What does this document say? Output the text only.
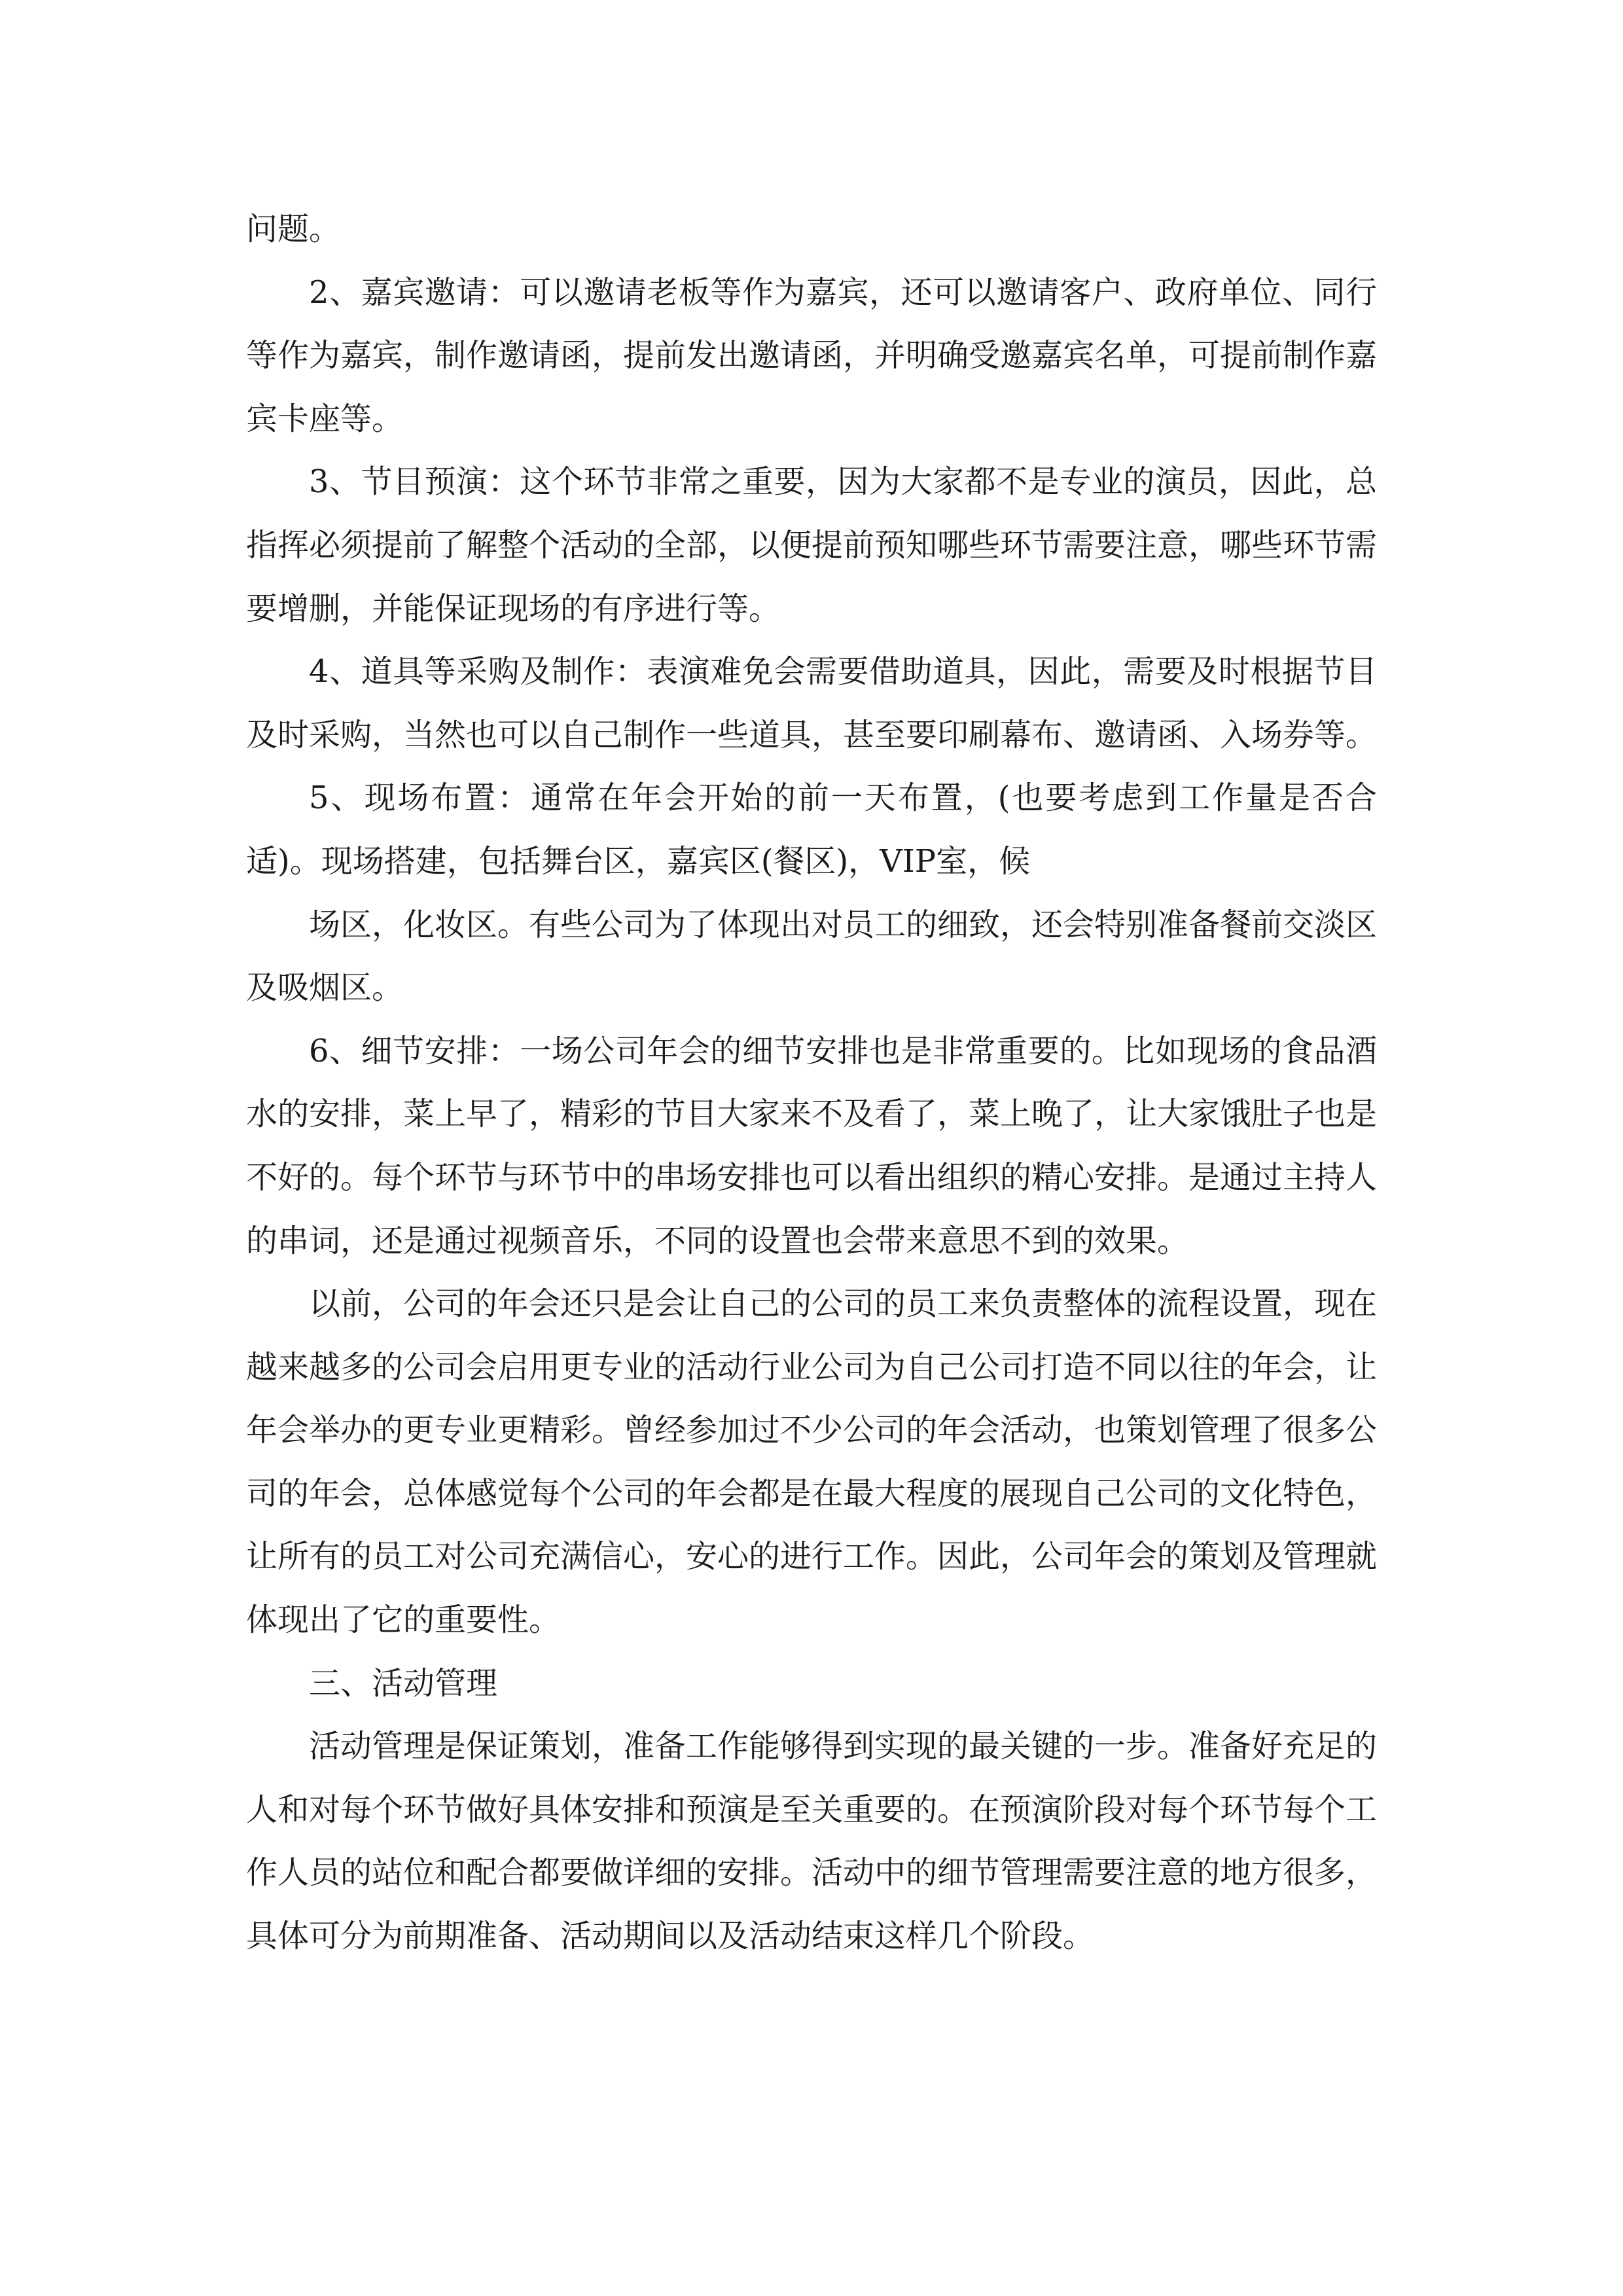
问题。

2、嘉宾邀请：可以邀请老板等作为嘉宾，还可以邀请客户、政府单位、同行等作为嘉宾，制作邀请函，提前发出邀请函，并明确受邀嘉宾名单，可提前制作嘉宾卡座等。

3、节目预演：这个环节非常之重要，因为大家都不是专业的演员，因此，总指挥必须提前了解整个活动的全部，以便提前预知哪些环节需要注意，哪些环节需要增删，并能保证现场的有序进行等。

4、道具等采购及制作：表演难免会需要借助道具，因此，需要及时根据节目及时采购，当然也可以自己制作一些道具，甚至要印刷幕布、邀请函、入场券等。

5、现场布置：通常在年会开始的前一天布置，(也要考虑到工作量是否合适)。现场搭建，包括舞台区，嘉宾区(餐区)，VIP室，候

场区，化妆区。有些公司为了体现出对员工的细致，还会特别准备餐前交淡区及吸烟区。

6、细节安排：一场公司年会的细节安排也是非常重要的。比如现场的食品酒水的安排，菜上早了，精彩的节目大家来不及看了，菜上晚了，让大家饿肚子也是不好的。每个环节与环节中的串场安排也可以看出组织的精心安排。是通过主持人的串词，还是通过视频音乐，不同的设置也会带来意思不到的效果。

以前，公司的年会还只是会让自己的公司的员工来负责整体的流程设置，现在越来越多的公司会启用更专业的活动行业公司为自己公司打造不同以往的年会，让年会举办的更专业更精彩。曾经参加过不少公司的年会活动，也策划管理了很多公司的年会，总体感觉每个公司的年会都是在最大程度的展现自己公司的文化特色，让所有的员工对公司充满信心，安心的进行工作。因此，公司年会的策划及管理就体现出了它的重要性。

三、活动管理

活动管理是保证策划，准备工作能够得到实现的最关键的一步。准备好充足的人和对每个环节做好具体安排和预演是至关重要的。在预演阶段对每个环节每个工作人员的站位和配合都要做详细的安排。活动中的细节管理需要注意的地方很多，具体可分为前期准备、活动期间以及活动结束这样几个阶段。
